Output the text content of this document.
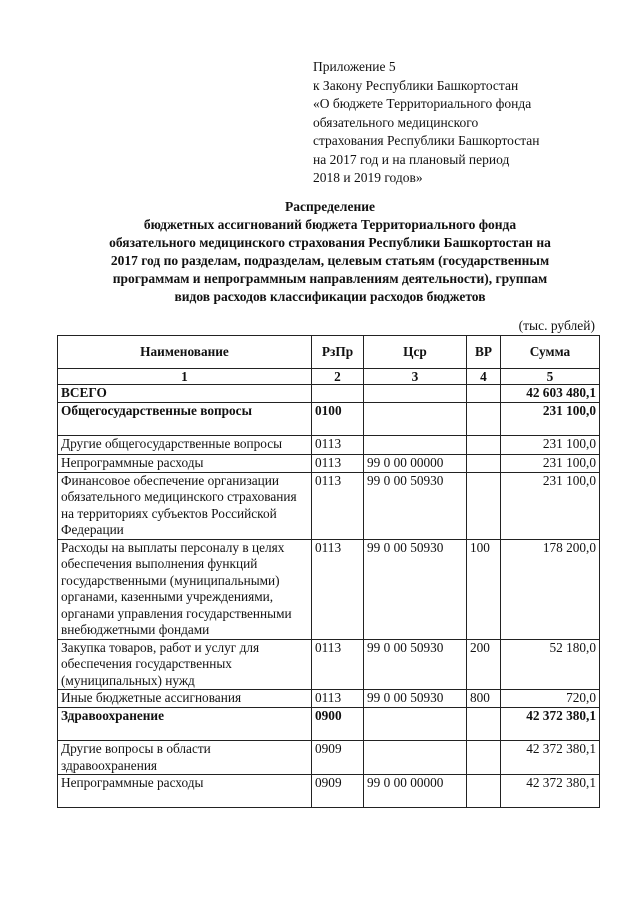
Приложение 5
к Закону Республики Башкортостан
«О бюджете Территориального фонда
обязательного медицинского
страхования Республики Башкортостан
на 2017 год и на плановый период
2018 и 2019 годов»
Распределение
бюджетных ассигнований бюджета Территориального фонда
обязательного медицинского страхования Республики Башкортостан на
2017 год по разделам, подразделам, целевым статьям (государственным
программам и непрограммным направлениям деятельности), группам
видов расходов классификации расходов бюджетов
(тыс. рублей)
Наименование	РзПр	Цср	ВР	Сумма
1	2	3	4	5
ВСЕГО				42 603 480,1
Общегосударственные вопросы	0100			231 100,0
Другие общегосударственные вопросы	0113			231 100,0
Непрограммные расходы	0113	99 0 00 00000		231 100,0
Финансовое обеспечение организации обязательного медицинского страхования на территориях субъектов Российской Федерации	0113	99 0 00 50930		231 100,0
Расходы на выплаты персоналу в целях обеспечения выполнения функций государственными (муниципальными) органами, казенными учреждениями, органами управления государственными внебюджетными фондами	0113	99 0 00 50930	100	178 200,0
Закупка товаров, работ и услуг для обеспечения государственных (муниципальных) нужд	0113	99 0 00 50930	200	52 180,0
Иные бюджетные ассигнования	0113	99 0 00 50930	800	720,0
Здравоохранение	0900			42 372 380,1
Другие вопросы в области здравоохранения	0909			42 372 380,1
Непрограммные расходы	0909	99 0 00 00000		42 372 380,1
